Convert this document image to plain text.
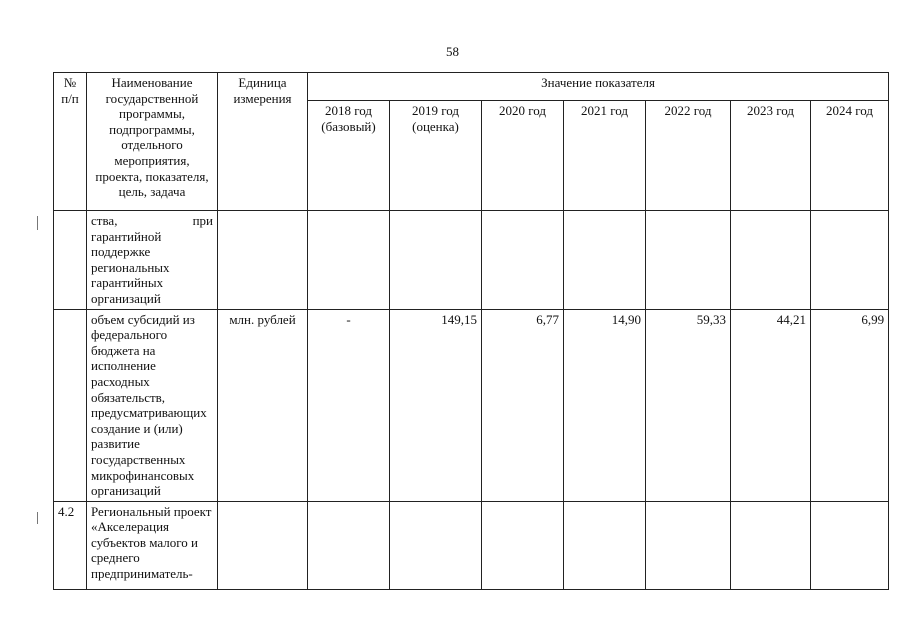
58
№ п/п	Наименование государственной программы, подпрограммы, отдельного мероприятия, проекта, показателя, цель, задача	Единица измерения	Значение показателя						
			2018 год (базовый)	2019 год (оценка)	2020 год	2021 год	2022 год	2023 год	2024 год
	ства, при гарантийной поддержке региональных гарантийных организаций								
	объем субсидий из федерального бюджета на исполнение расходных обязательств, предусматривающих создание и (или) развитие государственных микрофинансовых организаций	млн. рублей	-	149,15	6,77	14,90	59,33	44,21	6,99
4.2	Региональный проект «Акселерация субъектов малого и среднего предприниматель-								
